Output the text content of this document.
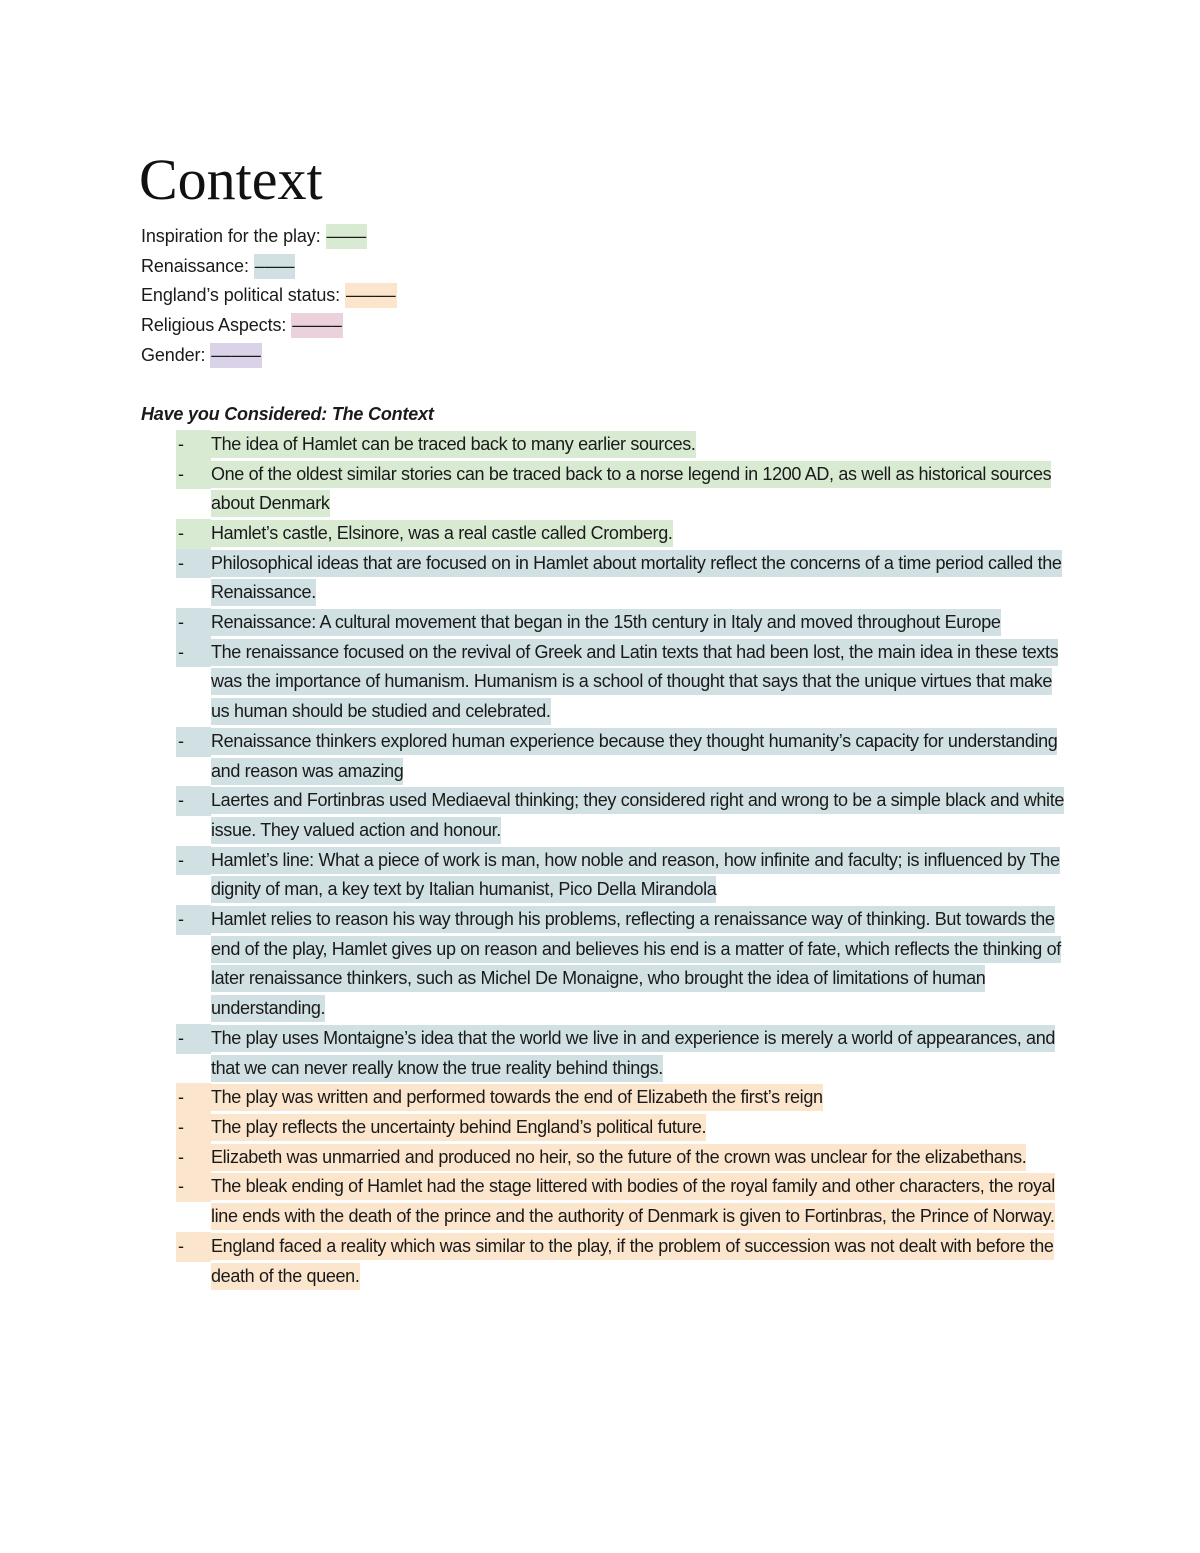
Context
Inspiration for the play: ––––
Renaissance: ––––
England’s political status: –––––
Religious Aspects: –––––
Gender: –––––
Have you Considered: The Context
-	The idea of Hamlet can be traced back to many earlier sources.
-	One of the oldest similar stories can be traced back to a norse legend in 1200 AD, as well as historical sources about Denmark
-	Hamlet’s castle, Elsinore, was a real castle called Cromberg.
-	Philosophical ideas that are focused on in Hamlet about mortality reflect the concerns of a time period called the Renaissance.
-	Renaissance: A cultural movement that began in the 15th century in Italy and moved throughout Europe
-	The renaissance focused on the revival of Greek and Latin texts that had been lost, the main idea in these texts was the importance of humanism. Humanism is a school of thought that says that the unique virtues that make us human should be studied and celebrated.
-	Renaissance thinkers explored human experience because they thought humanity’s capacity for understanding and reason was amazing
-	Laertes and Fortinbras used Mediaeval thinking; they considered right and wrong to be a simple black and white issue. They valued action and honour.
-	Hamlet’s line: What a piece of work is man, how noble and reason, how infinite and faculty; is influenced by The dignity of man, a key text by Italian humanist, Pico Della Mirandola
-	Hamlet relies to reason his way through his problems, reflecting a renaissance way of thinking. But towards the end of the play, Hamlet gives up on reason and believes his end is a matter of fate, which reflects the thinking of later renaissance thinkers, such as Michel De Monaigne, who brought the idea of limitations of human understanding.
-	The play uses Montaigne’s idea that the world we live in and experience is merely a world of appearances, and that we can never really know the true reality behind things.
-	The play was written and performed towards the end of Elizabeth the first’s reign
-	The play reflects the uncertainty behind England’s political future.
-	Elizabeth was unmarried and produced no heir, so the future of the crown was unclear for the elizabethans.
-	The bleak ending of Hamlet had the stage littered with bodies of the royal family and other characters, the royal line ends with the death of the prince and the authority of Denmark is given to Fortinbras, the Prince of Norway.
-	England faced a reality which was similar to the play, if the problem of succession was not dealt with before the death of the queen.
